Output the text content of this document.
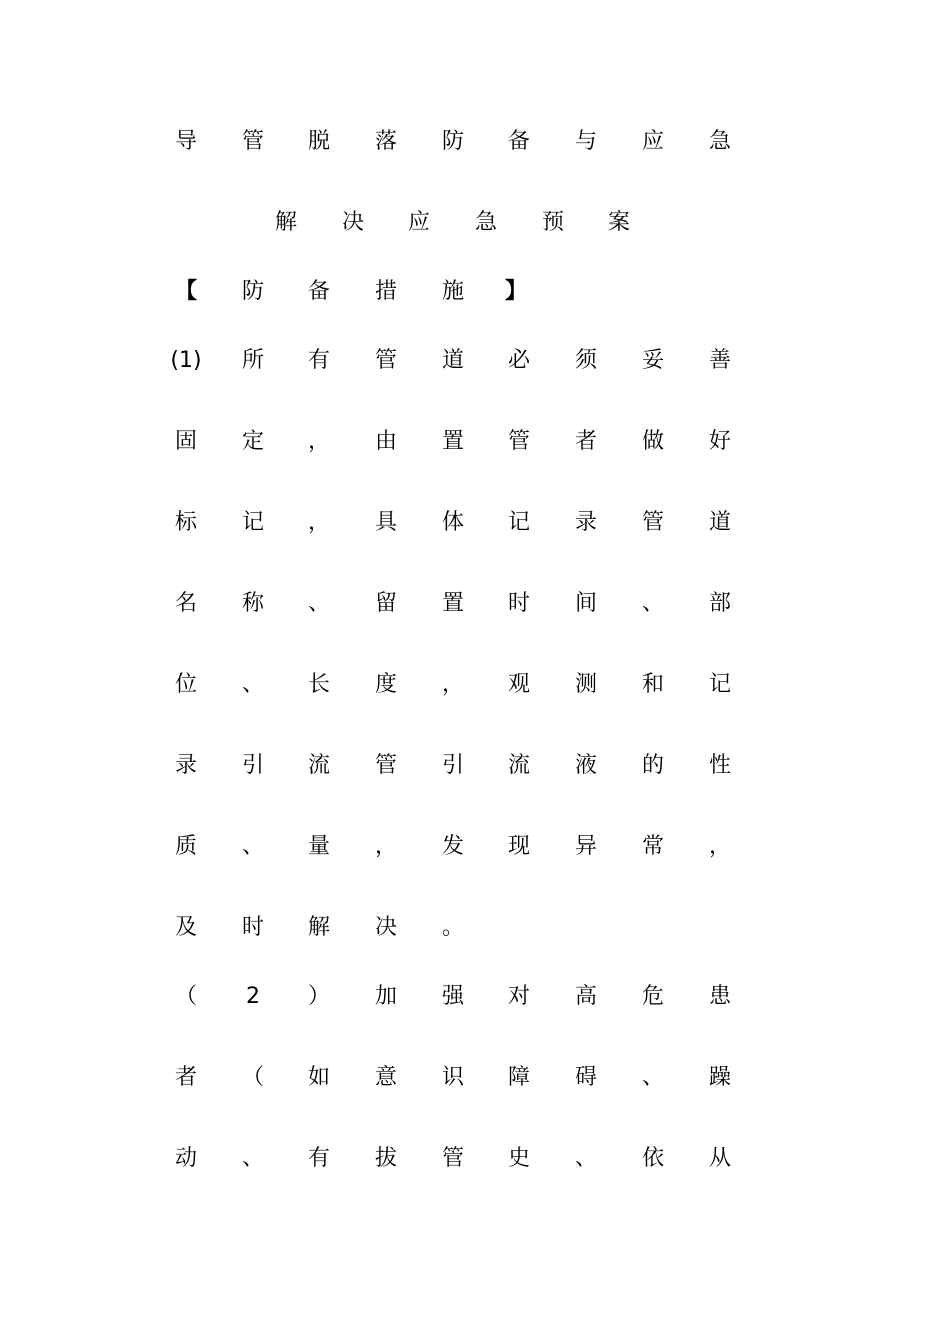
导	管	脱	落	防	备	与	应	急
解	决	应	急	预	案
【	防	备	措	施	】
(1)	所	有	管	道	必	须	妥	善
固	定	，	由	置	管	者	做	好
标	记	，	具	体	记	录	管	道
名	称	、	留	置	时	间	、	部
位	、	长	度	，	观	测	和	记
录	引	流	管	引	流	液	的	性
质	、	量	，	发	现	异	常	，
及	时	解	决	。
（	2	）	加	强	对	高	危	患
者	（	如	意	识	障	碍	、	躁
动	、	有	拔	管	史	、	依	从
